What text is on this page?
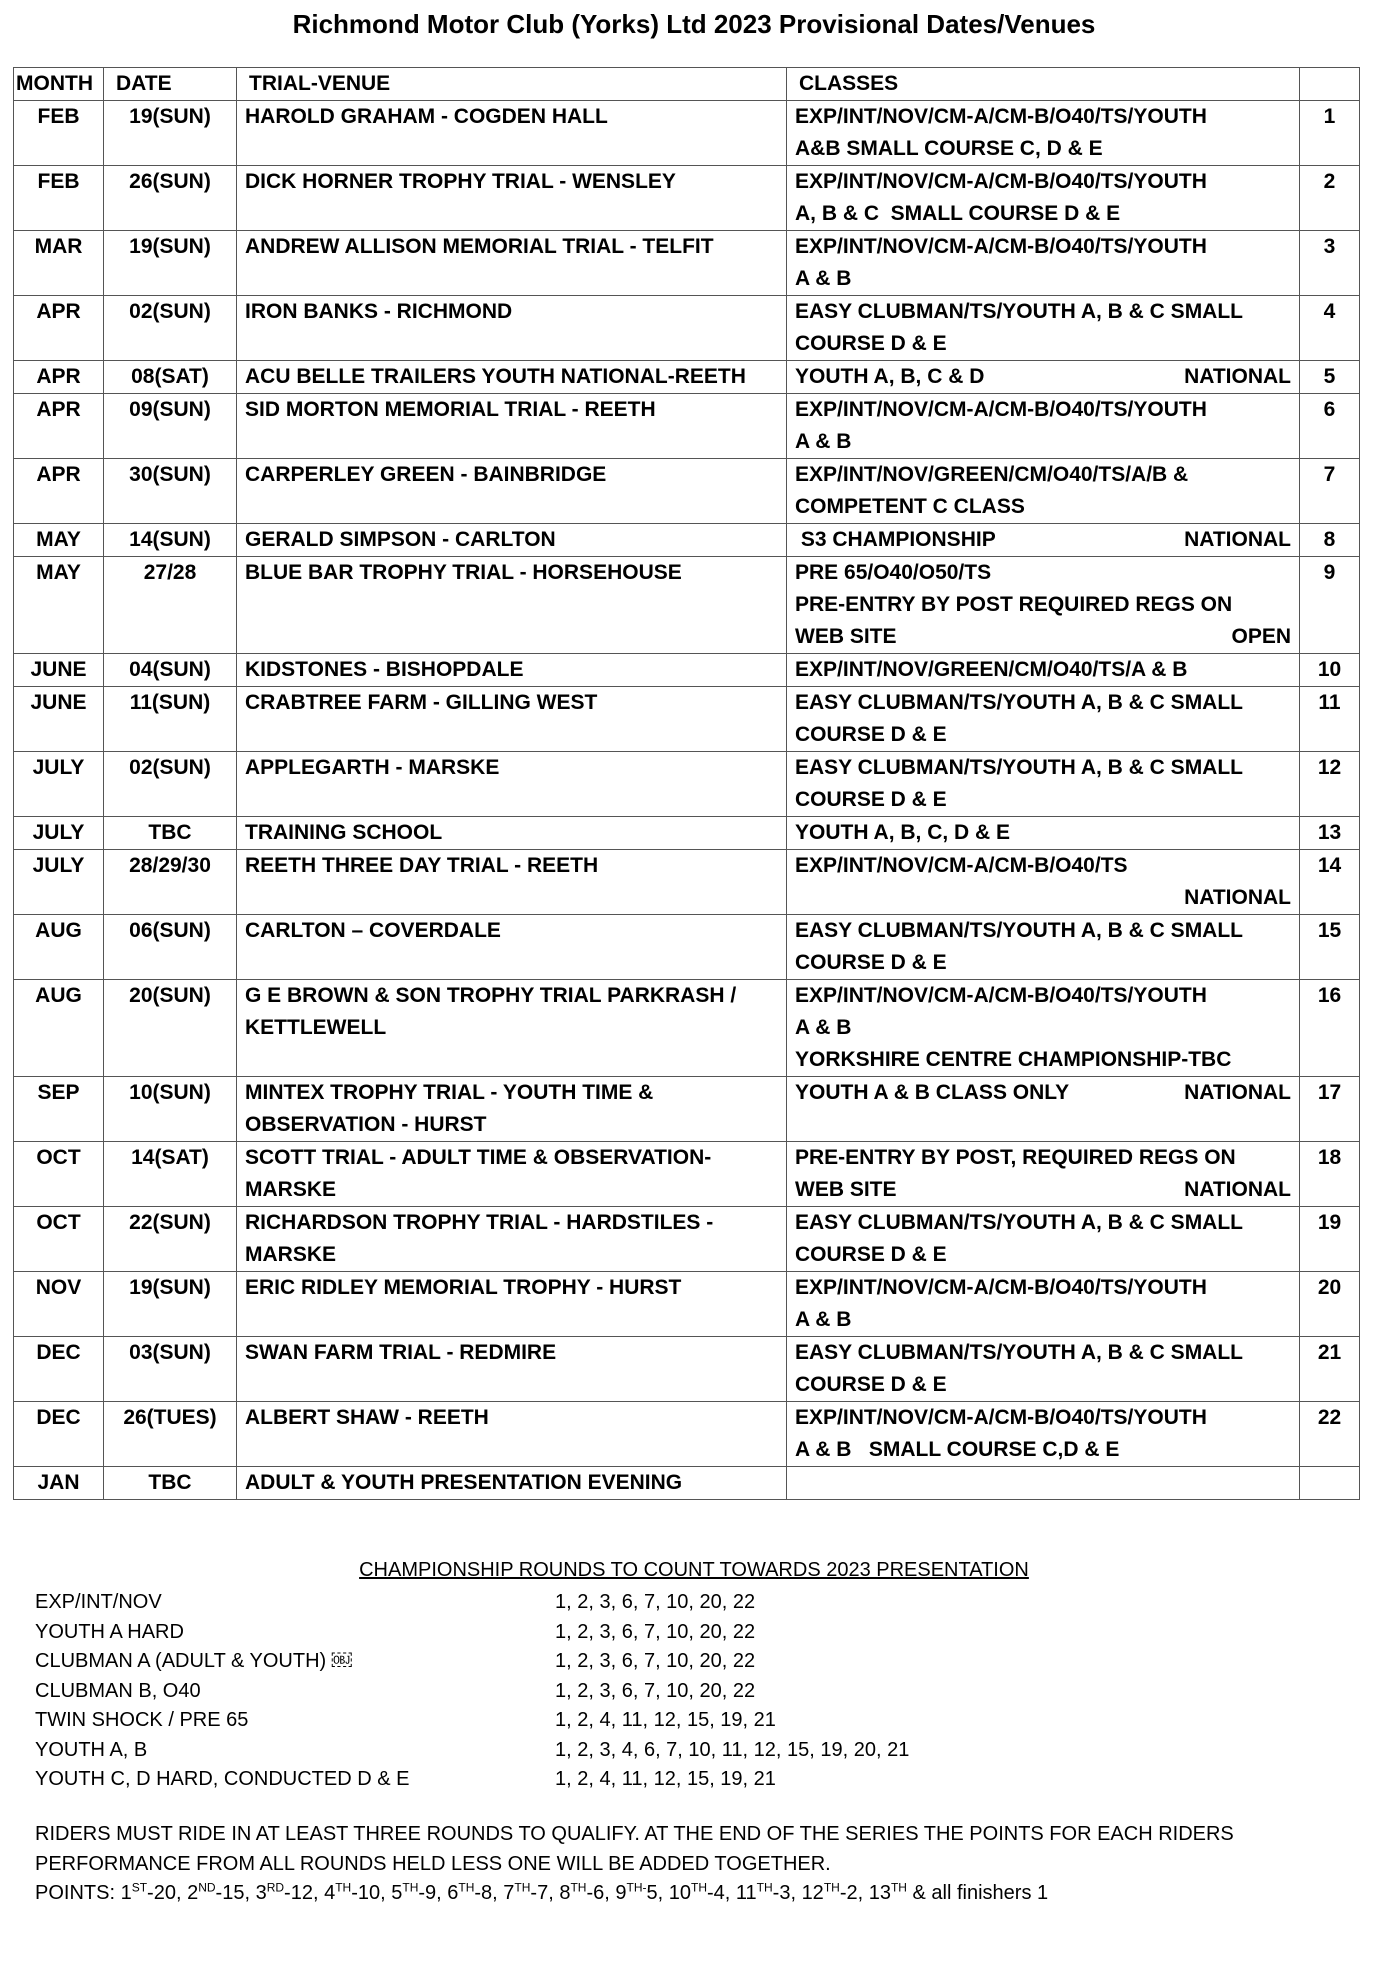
Richmond Motor Club (Yorks) Ltd 2023 Provisional Dates/Venues
MONTH	DATE	TRIAL-VENUE	CLASSES	
FEB	19(SUN)	HAROLD GRAHAM - COGDEN HALL	EXP/INT/NOV/CM-A/CM-B/O40/TS/YOUTH
A&B SMALL COURSE C, D & E	1
FEB	26(SUN)	DICK HORNER TROPHY TRIAL - WENSLEY	EXP/INT/NOV/CM-A/CM-B/O40/TS/YOUTH
A, B & C  SMALL COURSE D & E	2
MAR	19(SUN)	ANDREW ALLISON MEMORIAL TRIAL - TELFIT	EXP/INT/NOV/CM-A/CM-B/O40/TS/YOUTH
A & B	3
APR	02(SUN)	IRON BANKS - RICHMOND	EASY CLUBMAN/TS/YOUTH A, B & C SMALL
COURSE D & E	4
APR	08(SAT)	ACU BELLE TRAILERS YOUTH NATIONAL-REETH	NATIONAL
YOUTH A, B, C & D	5
APR	09(SUN)	SID MORTON MEMORIAL TRIAL - REETH	EXP/INT/NOV/CM-A/CM-B/O40/TS/YOUTH
A & B	6
APR	30(SUN)	CARPERLEY GREEN - BAINBRIDGE	EXP/INT/NOV/GREEN/CM/O40/TS/A/B &
COMPETENT C CLASS	7
MAY	14(SUN)	GERALD SIMPSON - CARLTON	NATIONAL
S3 CHAMPIONSHIP	8
MAY	27/28	BLUE BAR TROPHY TRIAL - HORSEHOUSE	PRE 65/O40/O50/TS
PRE-ENTRY BY POST REQUIRED REGS ON
OPEN
WEB SITE	9
JUNE	04(SUN)	KIDSTONES - BISHOPDALE	EXP/INT/NOV/GREEN/CM/O40/TS/A & B	10
JUNE	11(SUN)	CRABTREE FARM - GILLING WEST	EASY CLUBMAN/TS/YOUTH A, B & C SMALL
COURSE D & E	11
JULY	02(SUN)	APPLEGARTH - MARSKE	EASY CLUBMAN/TS/YOUTH A, B & C SMALL
COURSE D & E	12
JULY	TBC	TRAINING SCHOOL	YOUTH A, B, C, D & E	13
JULY	28/29/30	REETH THREE DAY TRIAL - REETH	EXP/INT/NOV/CM-A/CM-B/O40/TS
NATIONAL	14
AUG	06(SUN)	CARLTON – COVERDALE	EASY CLUBMAN/TS/YOUTH A, B & C SMALL
COURSE D & E	15
AUG	20(SUN)	G E BROWN & SON TROPHY TRIAL PARKRASH /
KETTLEWELL	EXP/INT/NOV/CM-A/CM-B/O40/TS/YOUTH
A & B
YORKSHIRE CENTRE CHAMPIONSHIP-TBC	16
SEP	10(SUN)	MINTEX TROPHY TRIAL - YOUTH TIME &
OBSERVATION - HURST	NATIONAL
YOUTH A & B CLASS ONLY	17
OCT	14(SAT)	SCOTT TRIAL - ADULT TIME & OBSERVATION-
MARSKE	PRE-ENTRY BY POST, REQUIRED REGS ON
NATIONAL
WEB SITE	18
OCT	22(SUN)	RICHARDSON TROPHY TRIAL - HARDSTILES -
MARSKE	EASY CLUBMAN/TS/YOUTH A, B & C SMALL
COURSE D & E	19
NOV	19(SUN)	ERIC RIDLEY MEMORIAL TROPHY - HURST	EXP/INT/NOV/CM-A/CM-B/O40/TS/YOUTH
A & B	20
DEC	03(SUN)	SWAN FARM TRIAL - REDMIRE	EASY CLUBMAN/TS/YOUTH A, B & C SMALL
COURSE D & E	21
DEC	26(TUES)	ALBERT SHAW - REETH	EXP/INT/NOV/CM-A/CM-B/O40/TS/YOUTH
A & B   SMALL COURSE C,D & E	22
JAN	TBC	ADULT & YOUTH PRESENTATION EVENING		

CHAMPIONSHIP ROUNDS TO COUNT TOWARDS 2023 PRESENTATION
EXP/INT/NOV	1, 2, 3, 6, 7, 10, 20, 22
YOUTH A HARD	1, 2, 3, 6, 7, 10, 20, 22
CLUBMAN A (ADULT & YOUTH) ￼	1, 2, 3, 6, 7, 10, 20, 22
CLUBMAN B, O40	1, 2, 3, 6, 7, 10, 20, 22
TWIN SHOCK / PRE 65	1, 2, 4, 11, 12, 15, 19, 21
YOUTH A, B	1, 2, 3, 4, 6, 7, 10, 11, 12, 15, 19, 20, 21
YOUTH C, D HARD, CONDUCTED D & E	1, 2, 4, 11, 12, 15, 19, 21
RIDERS MUST RIDE IN AT LEAST THREE ROUNDS TO QUALIFY. AT THE END OF THE SERIES THE POINTS FOR EACH RIDERS
PERFORMANCE FROM ALL ROUNDS HELD LESS ONE WILL BE ADDED TOGETHER.
POINTS: 1ST-20, 2ND-15, 3RD-12, 4TH-10, 5TH-9, 6TH-8, 7TH-7, 8TH-6, $9^{TH-}5$, 10TH-4, 11TH-3, 12TH-2, 13TH & all finishers 1
